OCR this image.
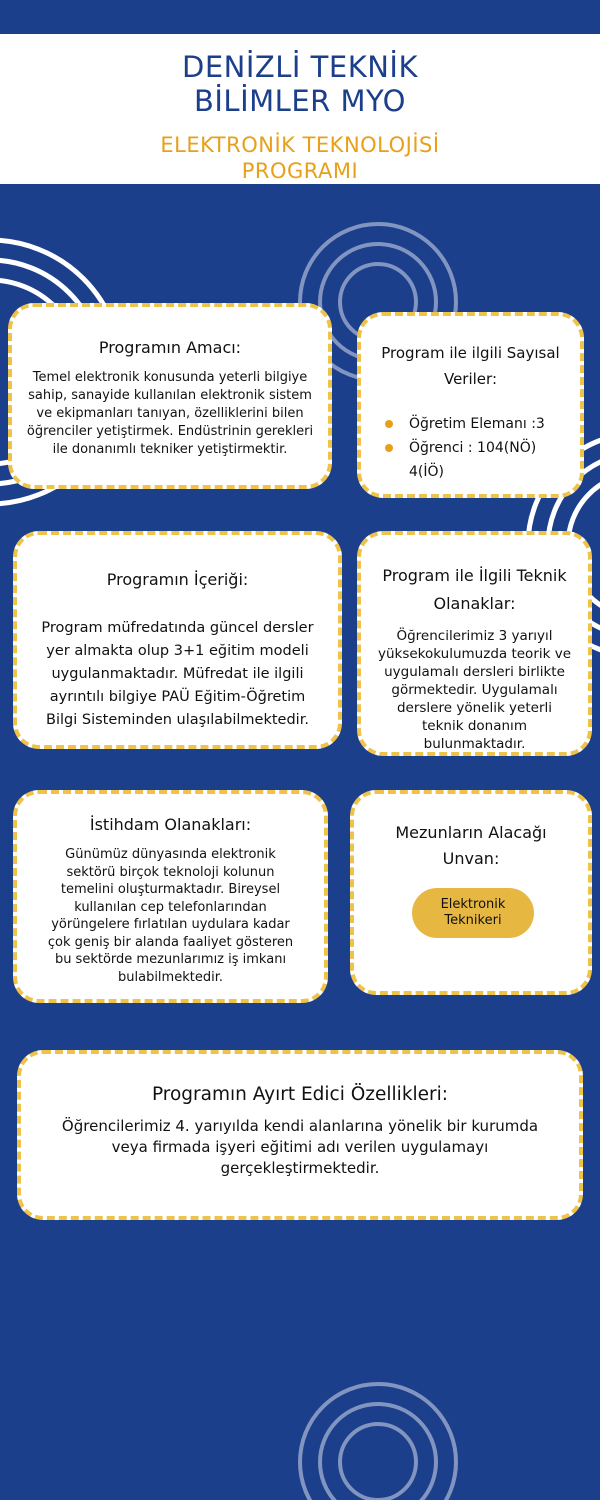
DENİZLİ TEKNİK
BİLİMLER MYO
ELEKTRONİK TEKNOLOJİSİ
PROGRAMI
Programın Amacı:
Temel elektronik konusunda yeterli bilgiye
sahip, sanayide kullanılan elektronik sistem
ve ekipmanları tanıyan, özelliklerini bilen
öğrenciler yetiştirmek. Endüstrinin gerekleri
ile donanımlı tekniker yetiştirmektir.
Program ile ilgili Sayısal
Veriler:
Öğretim Elemanı :3
Öğrenci : 104(NÖ) 4(İÖ)
Programın İçeriği:
Program müfredatında güncel dersler
yer almakta olup 3+1 eğitim modeli
uygulanmaktadır. Müfredat ile ilgili
ayrıntılı bilgiye PAÜ Eğitim-Öğretim
Bilgi Sisteminden ulaşılabilmektedir.
Program ile İlgili Teknik
Olanaklar:
Öğrencilerimiz 3 yarıyıl
yüksekokulumuzda teorik ve
uygulamalı dersleri birlikte
görmektedir. Uygulamalı
derslere yönelik yeterli
teknik donanım
bulunmaktadır.
İstihdam Olanakları:
Günümüz dünyasında elektronik
sektörü birçok teknoloji kolunun
temelini oluşturmaktadır. Bireysel
kullanılan cep telefonlarından
yörüngelere fırlatılan uydulara kadar
çok geniş bir alanda faaliyet gösteren
bu sektörde mezunlarımız iş imkanı
bulabilmektedir.
Mezunların Alacağı
Unvan:
Elektronik
Teknikeri
Programın Ayırt Edici Özellikleri:
Öğrencilerimiz 4. yarıyılda kendi alanlarına yönelik bir kurumda
veya firmada işyeri eğitimi adı verilen uygulamayı
gerçekleştirmektedir.
